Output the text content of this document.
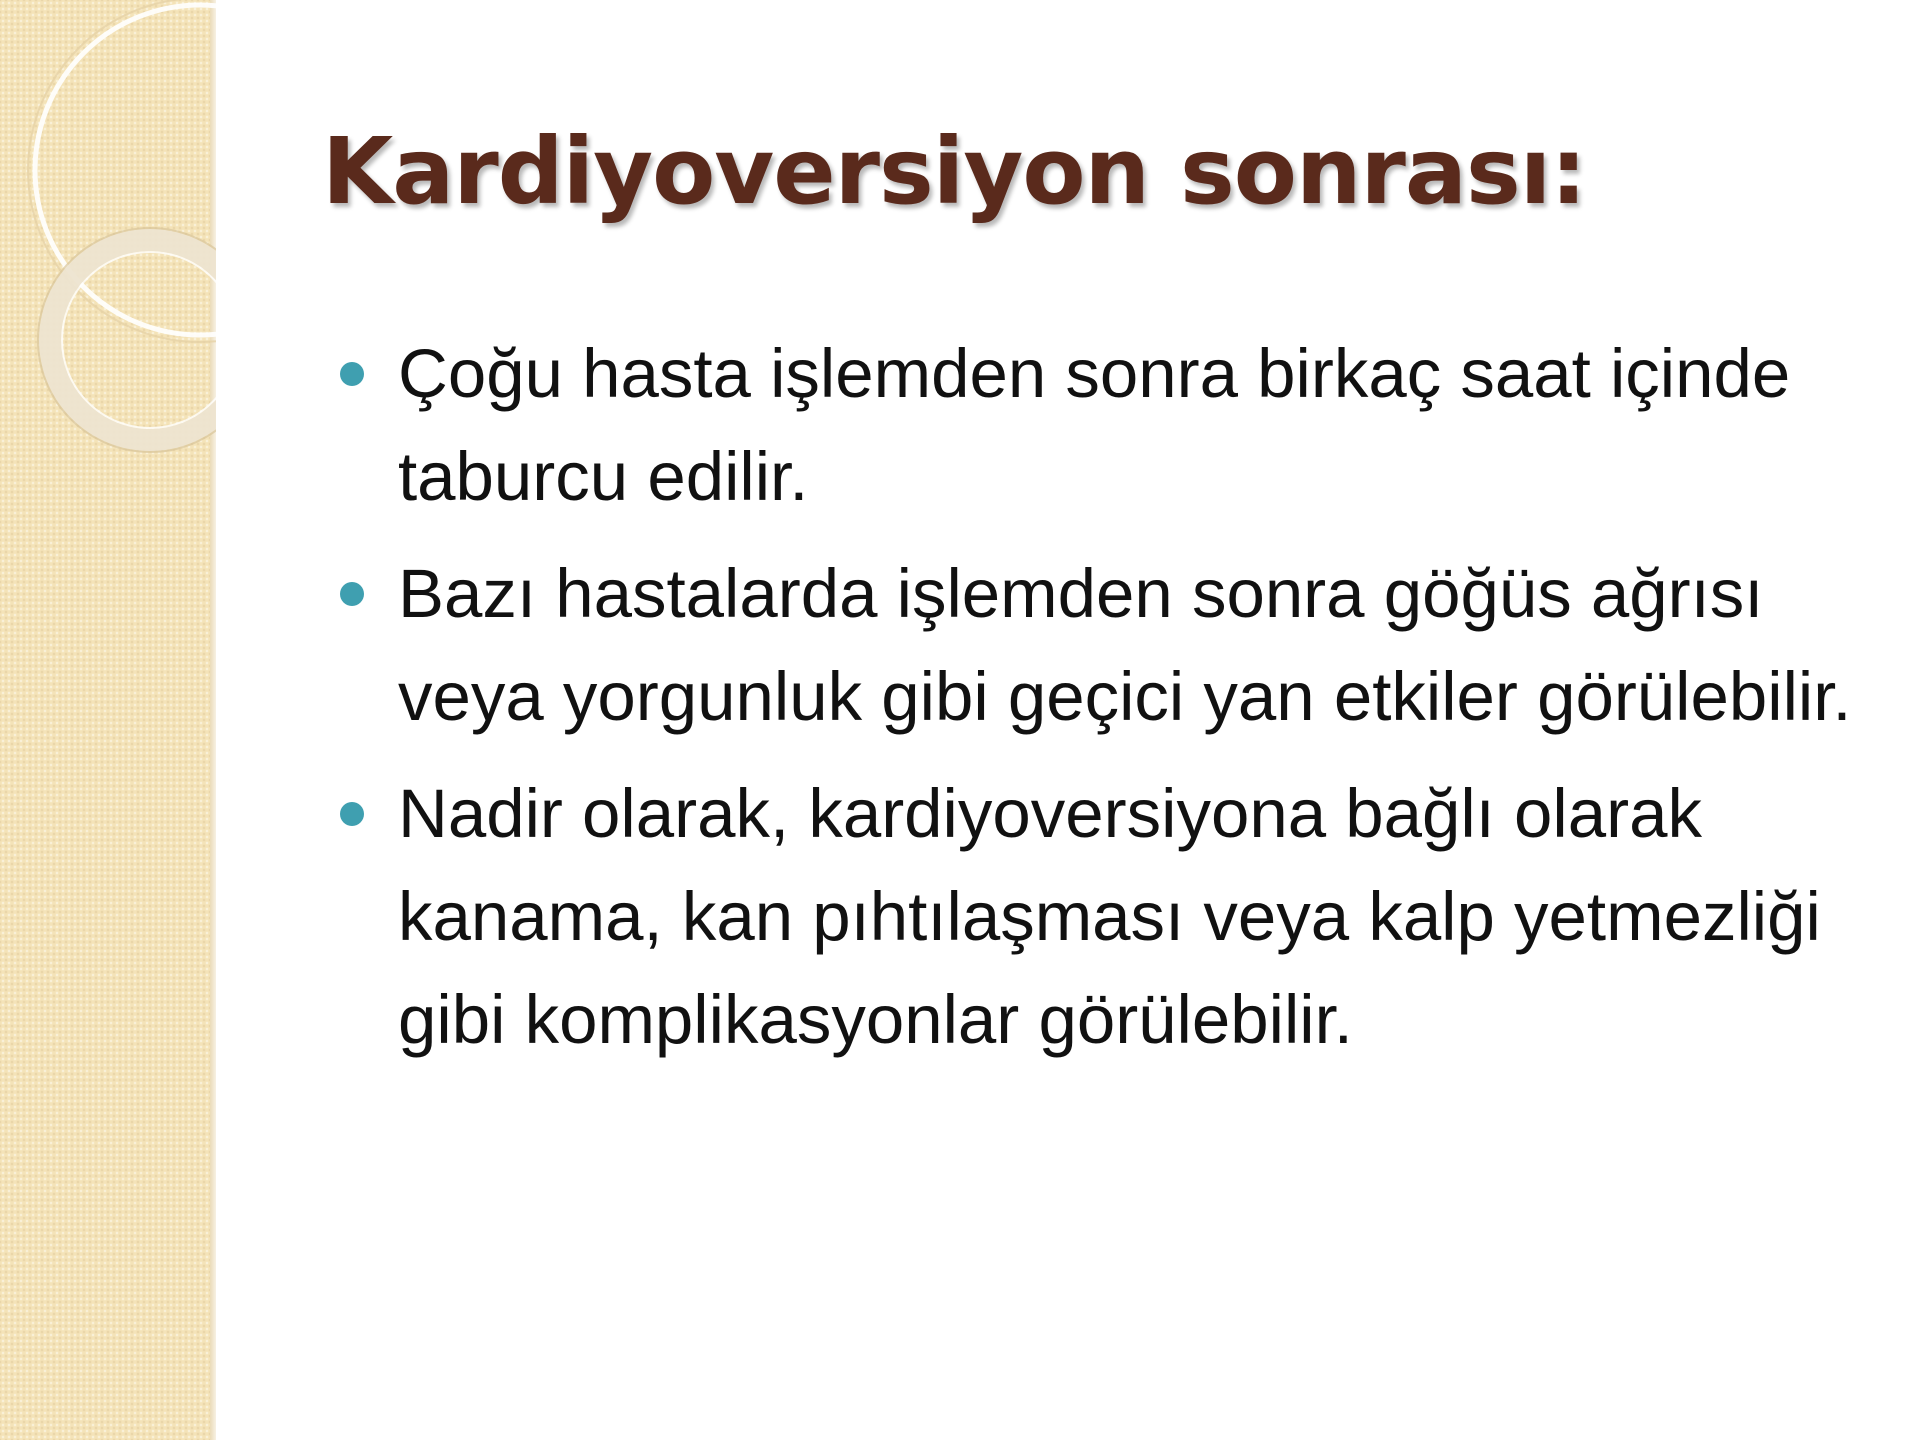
Kardiyoversiyon sonrası:
Çoğu hasta işlemden sonra birkaç saat içinde taburcu edilir.
Bazı hastalarda işlemden sonra göğüs ağrısı veya yorgunluk gibi geçici yan etkiler görülebilir.
Nadir olarak, kardiyoversiyona bağlı olarak kanama, kan pıhtılaşması veya kalp yetmezliği gibi komplikasyonlar görülebilir.
